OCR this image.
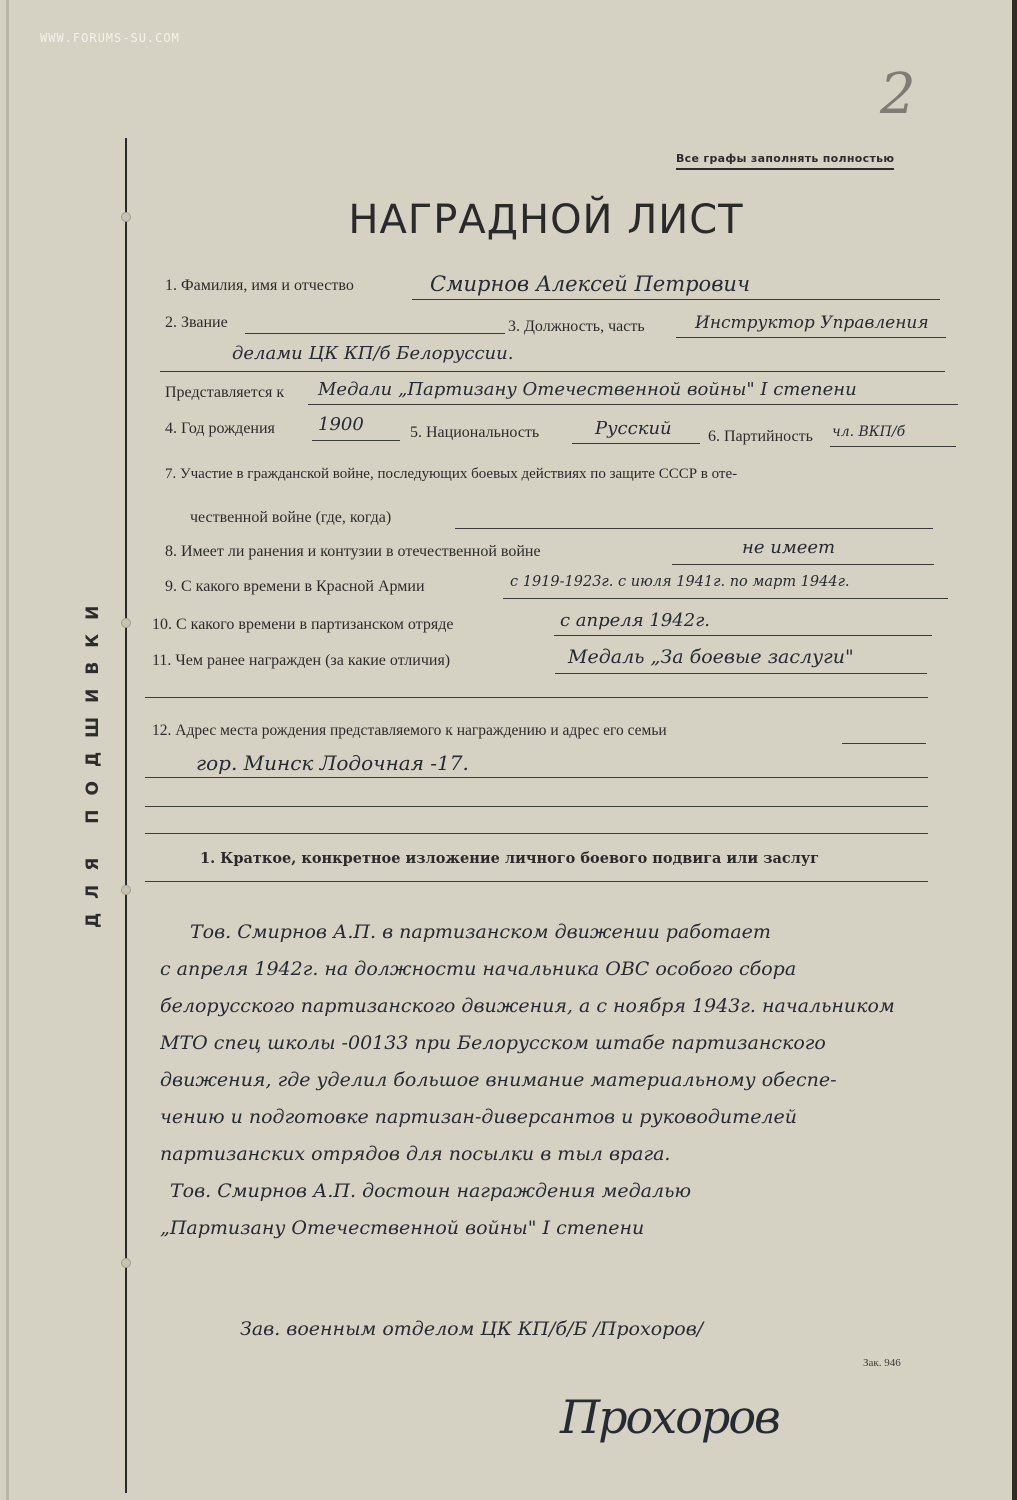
WWW.FORUMS-SU.COM
2
ДЛЯ ПОДШИВКИ
Все графы заполнять полностью
НАГРАДНОЙ ЛИСТ
1. Фамилия, имя и отчество	Смирнов Алексей Петрович
2. Звание	3. Должность, часть	Инструктор Управления
делами ЦК КП/б Белоруссии.
Представляется к Медали „Партизану Отечественной войны" I степени
4. Год рождения 1900	5. Национальность	Русский 6. Партийность чл. ВКП/б
7. Участие в гражданской войне, последующих боевых действиях по защите СССР в оте-
чественной войне (где, когда)
8. Имеет ли ранения и контузии в отечественной войне	не имеет
9. С какого времени в Красной Армии	с 1919-1923г. с июля 1941г. по март 1944г.
10. С какого времени в партизанском отряде	с апреля 1942г.
11. Чем ранее награжден (за какие отличия)	Медаль „За боевые заслуги"
12. Адрес места рождения представляемого к награждению и адрес его семьи
гор. Минск Лодочная -17.
1. Краткое, конкретное изложение личного боевого подвига или заслуг
Тов. Смирнов А.П. в партизанском движении работает
с апреля 1942г. на должности начальника ОВС особого сбора
белорусского партизанского движения, а с ноября 1943г. начальником
МТО спец школы -00133 при Белорусском штабе партизанского
движения, где уделил большое внимание материальному обеспе-
чению и подготовке партизан-диверсантов и руководителей
партизанских отрядов для посылки в тыл врага.
Тов. Смирнов А.П. достоин награждения медалью
„Партизану Отечественной войны" I степени
Зав. военным отделом ЦК КП/б/Б /Прохоров/
Зак. 946
Прохоров
